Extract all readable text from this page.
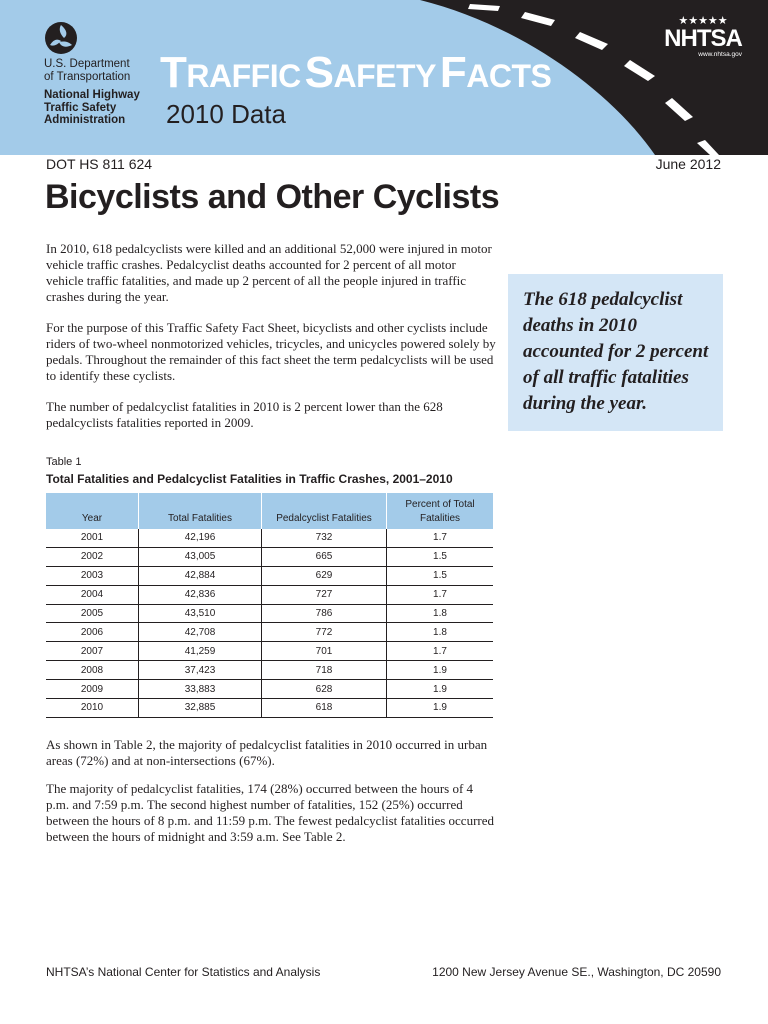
U.S. Department
of Transportation
National Highway
Traffic Safety
Administration
TRAFFIC SAFETY FACTS
2010 Data
★★★★★
NHTSA
www.nhtsa.gov
DOT HS 811 624	June 2012
Bicyclists and Other Cyclists

In 2010, 618 pedalcyclists were killed and an additional 52,000 were injured in motor vehicle traffic crashes. Pedalcyclist deaths accounted for 2 percent of all motor vehicle traffic fatalities, and made up 2 percent of all the people injured in traffic crashes during the year.

For the purpose of this Traffic Safety Fact Sheet, bicyclists and other cyclists include riders of two-wheel nonmotorized vehicles, tricycles, and unicycles powered solely by pedals. Throughout the remainder of this fact sheet the term pedalcyclists will be used to identify these cyclists.

The number of pedalcyclist fatalities in 2010 is 2 percent lower than the 628 pedalcyclists fatalities reported in 2009.

The 618 pedalcyclist deaths in 2010 accounted for 2 percent of all traffic fatalities during the year.
Table 1
Total Fatalities and Pedalcyclist Fatalities in Traffic Crashes, 2001–2010
Year	Total Fatalities	Pedalcyclist Fatalities	Percent of Total Fatalities
2001	42,196	732	1.7
2002	43,005	665	1.5
2003	42,884	629	1.5
2004	42,836	727	1.7
2005	43,510	786	1.8
2006	42,708	772	1.8
2007	41,259	701	1.7
2008	37,423	718	1.9
2009	33,883	628	1.9
2010	32,885	618	1.9

As shown in Table 2, the majority of pedalcyclist fatalities in 2010 occurred in urban areas (72%) and at non-intersections (67%).

The majority of pedalcyclist fatalities, 174 (28%) occurred between the hours of 4 p.m. and 7:59 p.m. The second highest number of fatalities, 152 (25%) occurred between the hours of 8 p.m. and 11:59 p.m. The fewest pedalcyclist fatalities occurred between the hours of midnight and 3:59 a.m. See Table 2.

NHTSA’s National Center for Statistics and Analysis	1200 New Jersey Avenue SE., Washington, DC 20590
